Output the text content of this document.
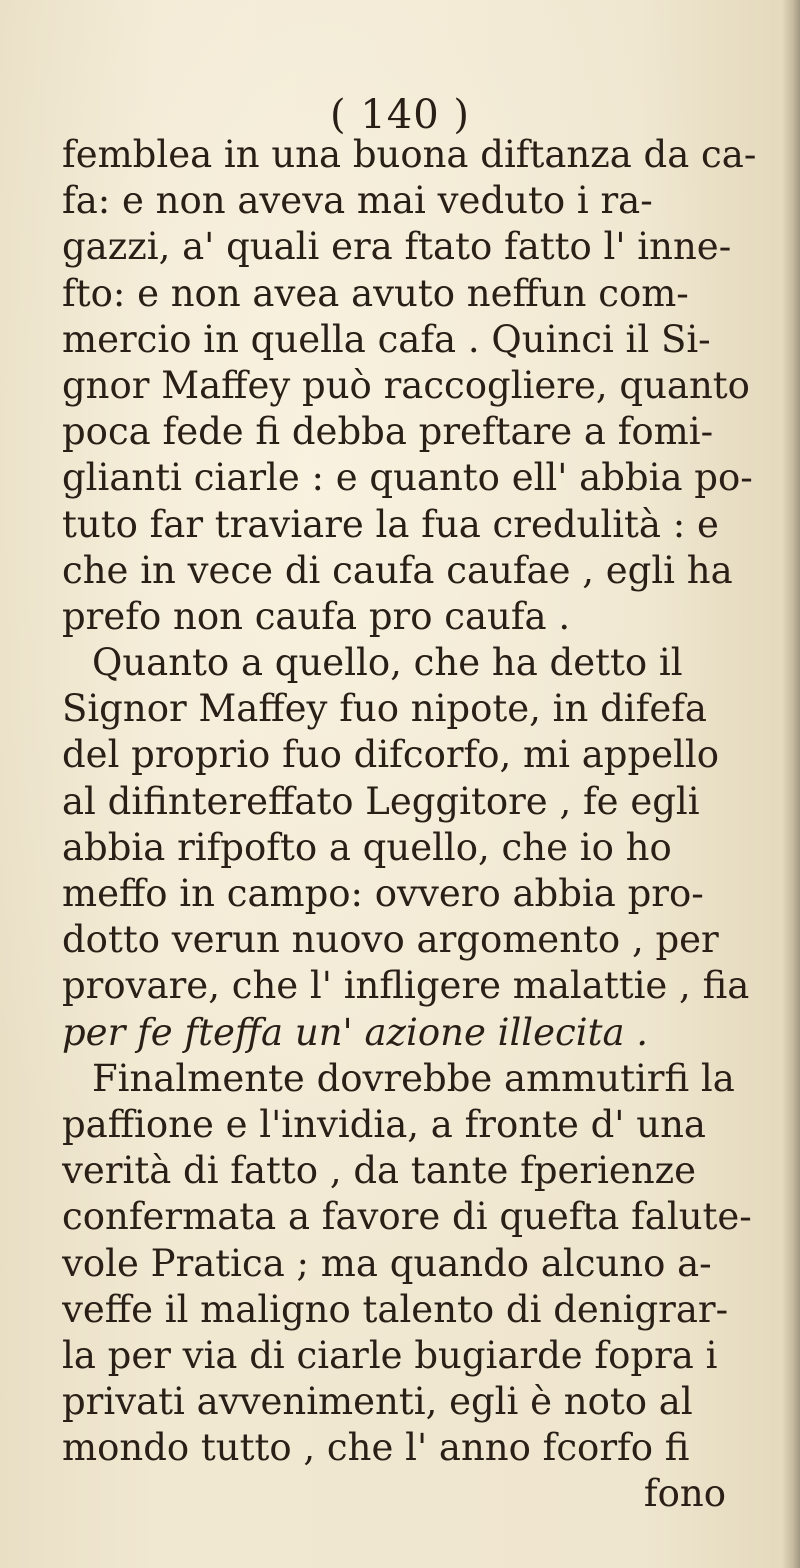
( 140 )
femblea in una buona diftanza da ca-
fa: e non aveva mai veduto i ra-
gazzi, a' quali era ftato fatto l' inne-
fto: e non avea avuto neffun com-
mercio in quella cafa . Quinci il Si-
gnor Maffey può raccogliere, quanto
poca fede fi debba preftare a fomi-
glianti ciarle : e quanto ell' abbia po-
tuto far traviare la fua credulità : e
che in vece di caufa caufae , egli ha
prefo non caufa pro caufa .
Quanto a quello, che ha detto il
Signor Maffey fuo nipote, in difefa
del proprio fuo difcorfo, mi appello
al difintereffato Leggitore , fe egli
abbia rifpofto a quello, che io ho
meffo in campo: ovvero abbia pro-
dotto verun nuovo argomento , per
provare, che l' infligere malattie , fia
per fe fteffa un' azione illecita .
Finalmente dovrebbe ammutirfi la
paffione e l'invidia, a fronte d' una
verità di fatto , da tante fperienze
confermata a favore di quefta falute-
vole Pratica ; ma quando alcuno a-
veffe il maligno talento di denigrar-
la per via di ciarle bugiarde fopra i
privati avvenimenti, egli è noto al
mondo tutto , che l' anno fcorfo fi
fono
